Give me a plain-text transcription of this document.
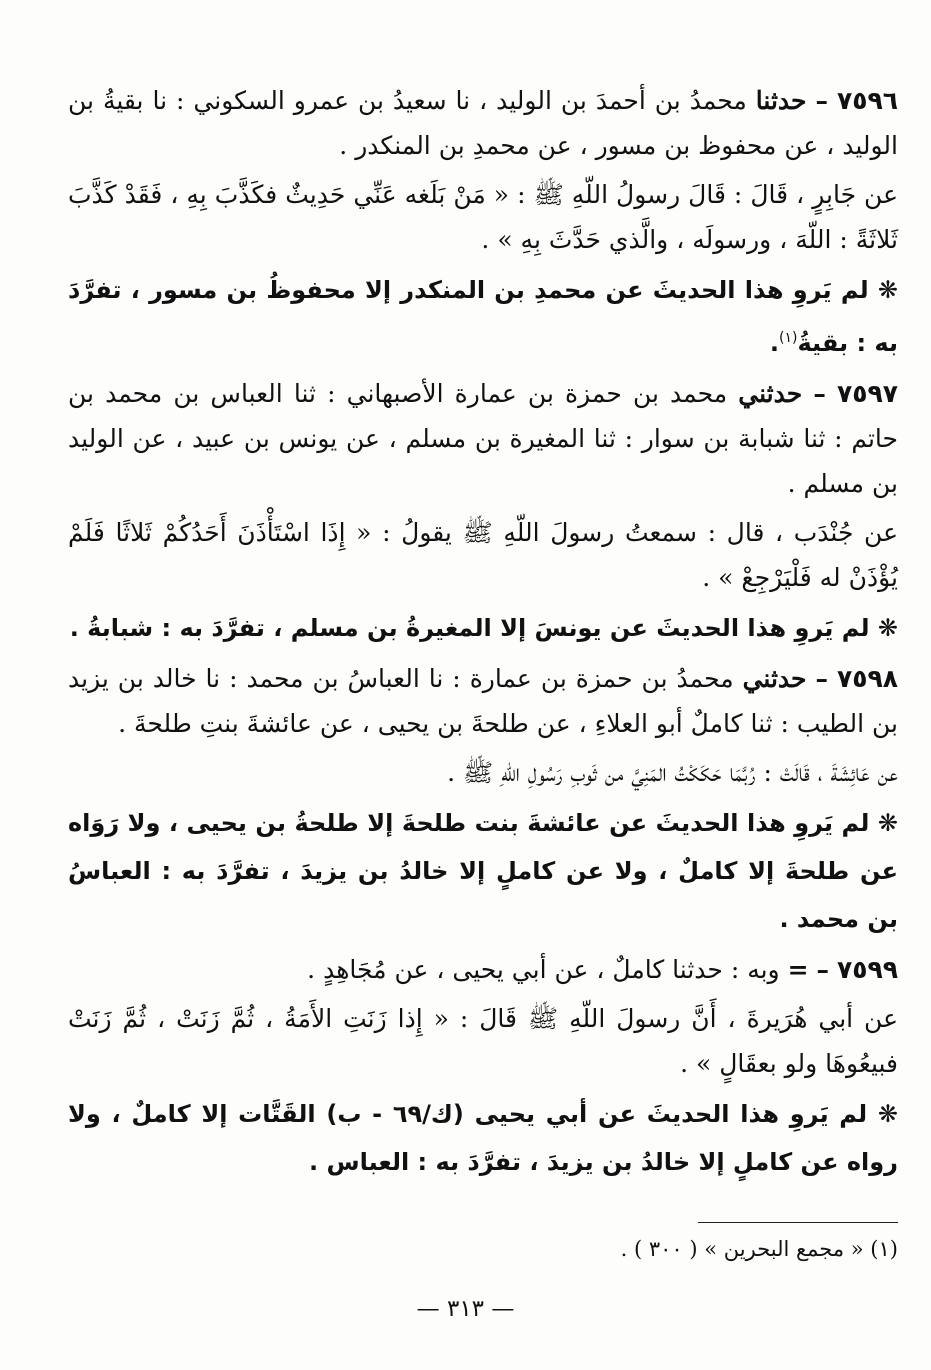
٧٥٩٦ – حدثنا محمدُ بن أحمدَ بن الوليد ، نا سعيدُ بن عمرو السكوني : نا بقيةُ بن الوليد ، عن محفوظ بن مسور ، عن محمدِ بن المنكدر .

عن جَابِرٍ ، قَالَ : قَالَ رسولُ اللّهِ ﷺ : « مَنْ بَلَغه عَنِّي حَدِيثٌ فكَذَّبَ بِهِ ، فَقَدْ كَذَّبَ ثَلاثَةً : اللّهَ ، ورسولَه ، والَّذي حَدَّثَ بِهِ » .

❋ لم يَروِ هذا الحديثَ عن محمدِ بن المنكدر إلا محفوظُ بن مسور ، تفرَّدَ به : بقيةُ$^{(١)}$.

٧٥٩٧ – حدثني محمد بن حمزة بن عمارة الأصبهاني : ثنا العباس بن محمد بن حاتم : ثنا شبابة بن سوار : ثنا المغيرة بن مسلم ، عن يونس بن عبيد ، عن الوليد بن مسلم .

عن جُنْدَب ، قال : سمعتُ رسولَ اللّهِ ﷺ يقولُ : « إِذَا اسْتَأْذَنَ أَحَدُكُمْ ثَلاثًا فَلَمْ يُؤْذَنْ له فَلْيَرْجِعْ » .

❋ لم يَروِ هذا الحديثَ عن يونسَ إلا المغيرةُ بن مسلم ، تفرَّدَ به : شبابةُ .

٧٥٩٨ – حدثني محمدُ بن حمزة بن عمارة : نا العباسُ بن محمد : نا خالد بن يزيد بن الطيب : ثنا كاملٌ أبو العلاءِ ، عن طلحةَ بن يحيى ، عن عائشةَ بنتِ طلحةَ .

عن عَائِشَةَ ، قَالَتْ : رُبَّمَا حَكَكْتُ المَنِيَّ من ثَوبِ رَسُولِ اللّهِ ﷺ .

❋ لم يَروِ هذا الحديثَ عن عائشةَ بنت طلحةَ إلا طلحةُ بن يحيى ، ولا رَوَاه عن طلحةَ إلا كاملٌ ، ولا عن كاملٍ إلا خالدُ بن يزيدَ ، تفرَّدَ به : العباسُ بن محمد .

٧٥٩٩ – = وبه : حدثنا كاملٌ ، عن أبي يحيى ، عن مُجَاهِدٍ .

عن أبي هُرَيرةَ ، أَنَّ رسولَ اللّهِ ﷺ قَالَ : « إِذا زَنَتِ الأَمَةُ ، ثُمَّ زَنَتْ ، ثُمَّ زَنَتْ فبيعُوهَا ولو بعقَالٍ » .

❋ لم يَروِ هذا الحديثَ عن أبي يحيى (ك/٦٩ - ب) القَتَّات إلا كاملٌ ، ولا رواه عن كاملٍ إلا خالدُ بن يزيدَ ، تفرَّدَ به : العباس .

(١) « مجمع البحرين » ( ٣٠٠ ) .
— ٣١٣ —
